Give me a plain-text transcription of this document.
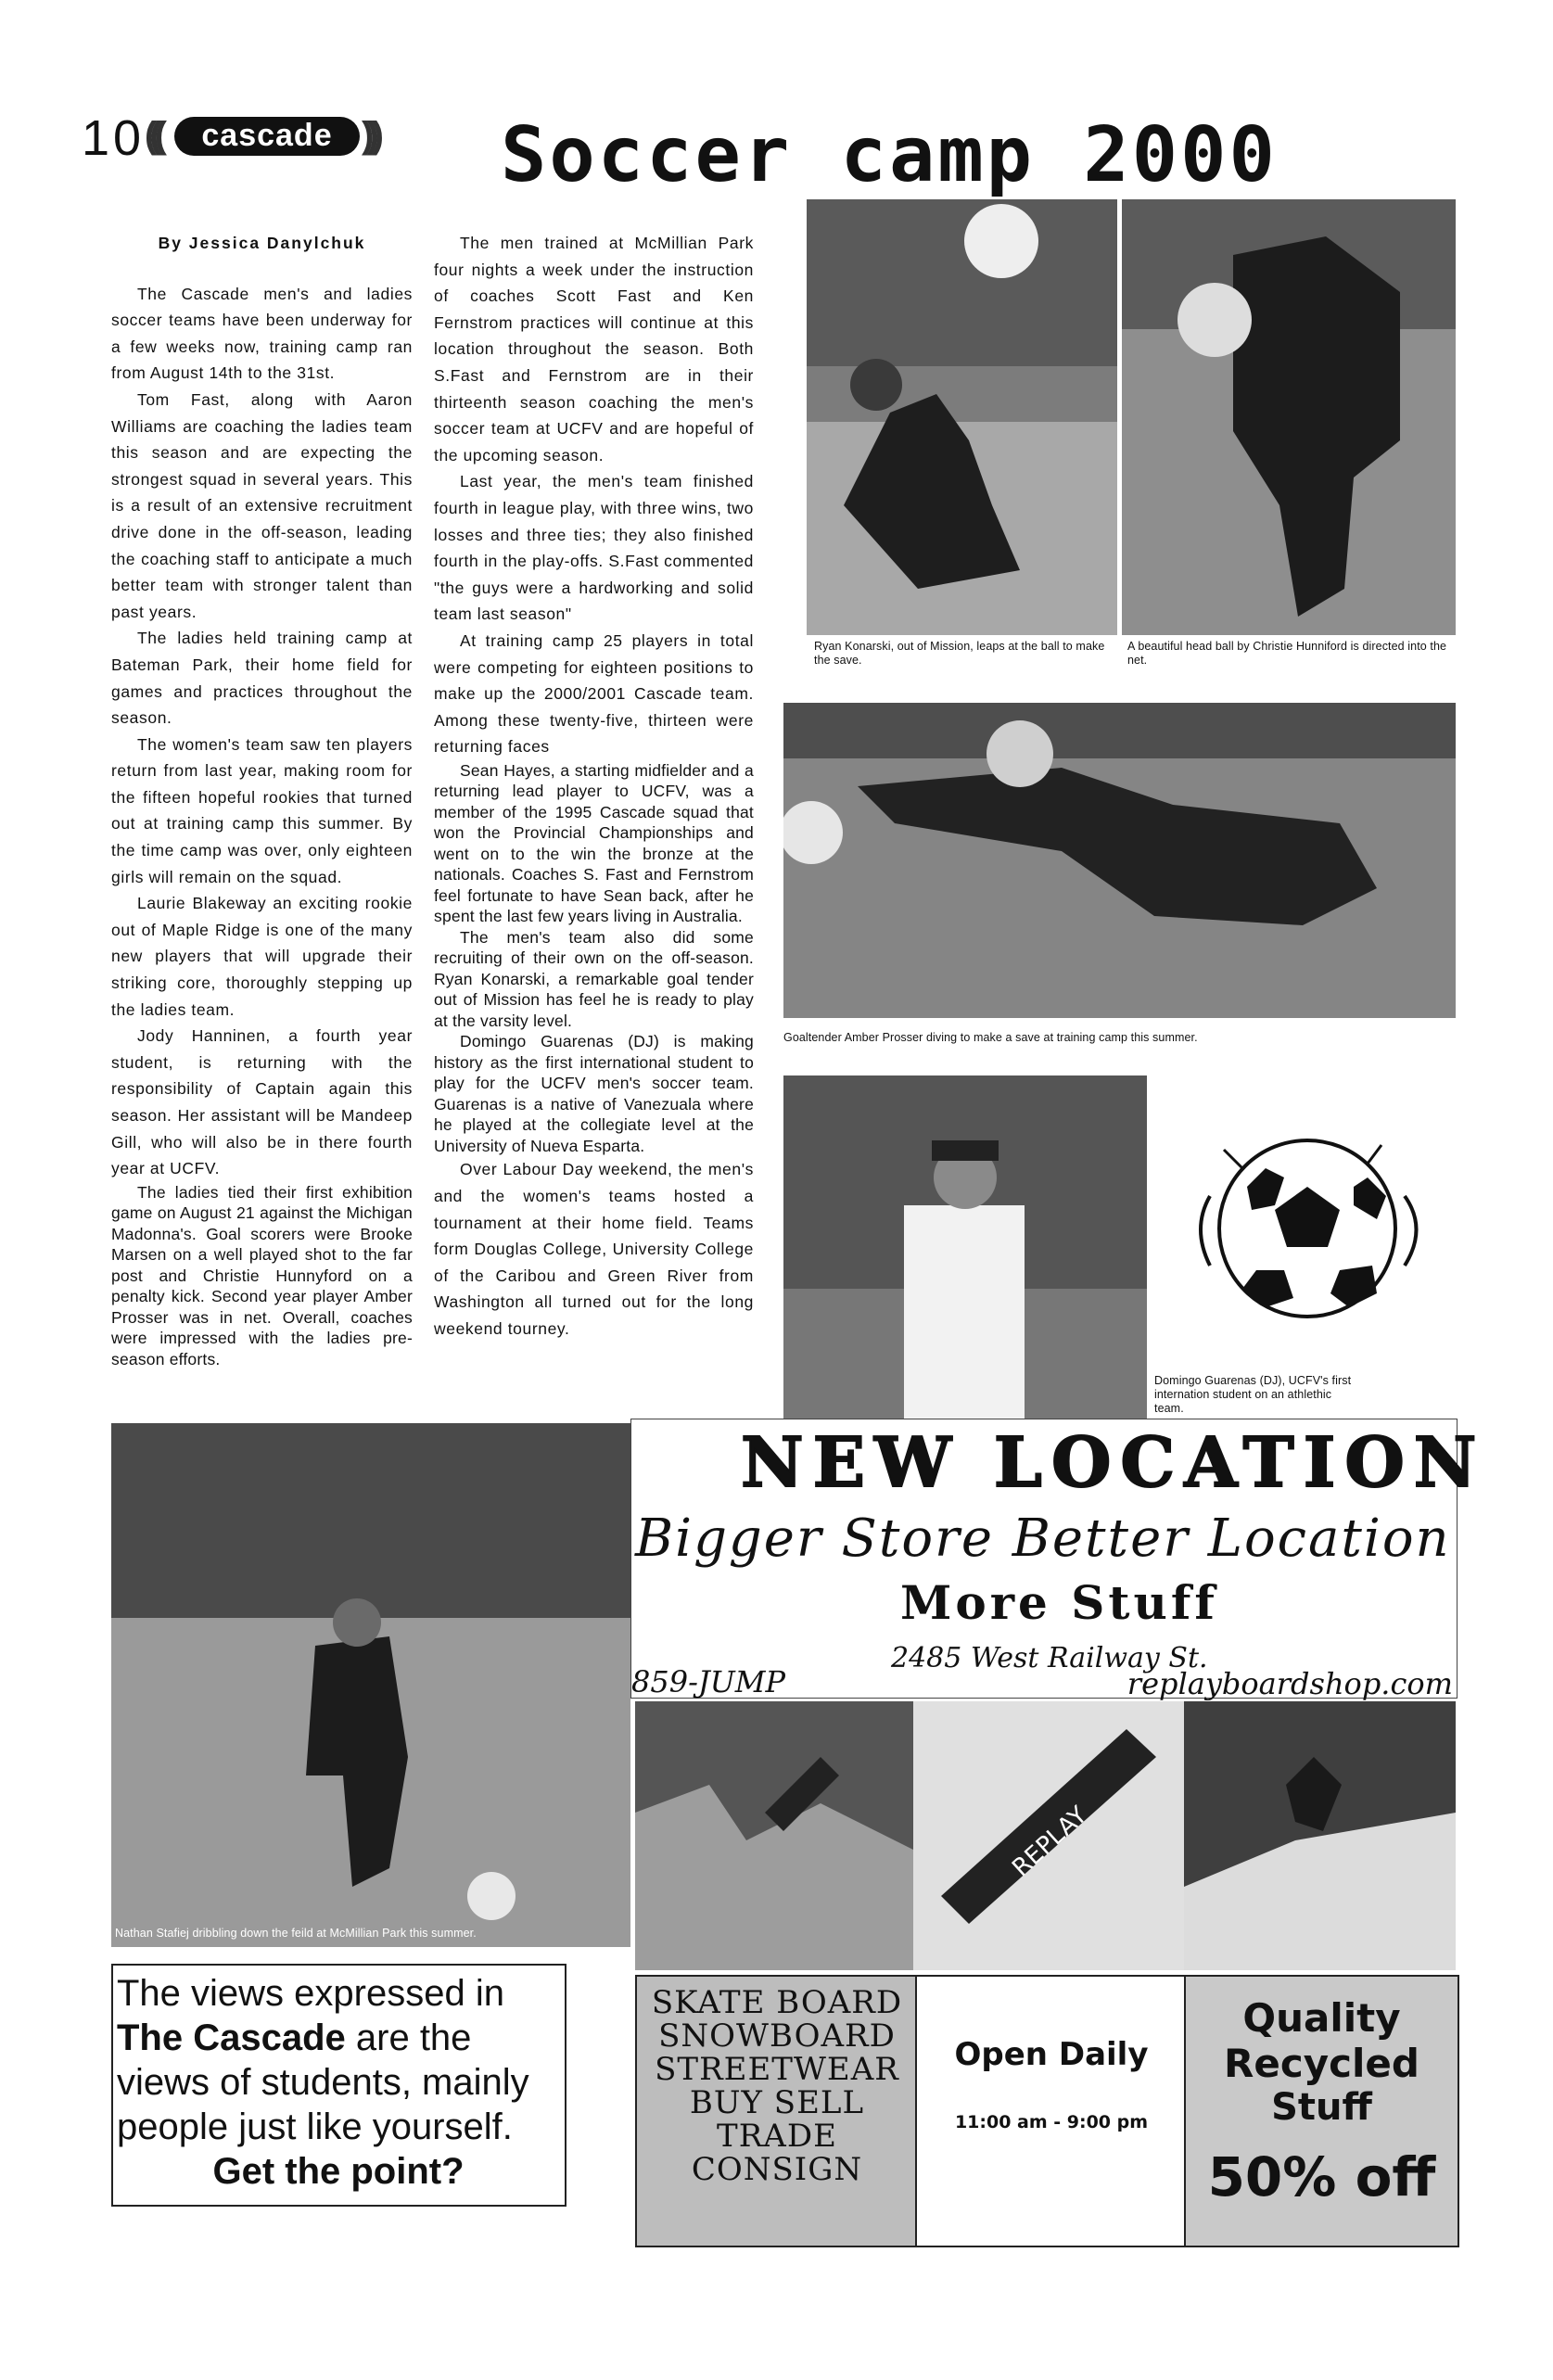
10 (((	cascade ))) Soccer camp 2000

By Jessica Danylchuk

The Cascade men's and ladies soccer teams have been underway for a few weeks now, training camp ran from August 14th to the 31st.

Tom Fast, along with Aaron Williams are coaching the ladies team this season and are expecting the strongest squad in several years. This is a result of an extensive recruitment drive done in the off-season, leading the coaching staff to anticipate a much better team with stronger talent than past years.

The ladies held training camp at Bateman Park, their home field for games and practices throughout the season.

The women's team saw ten players return from last year, making room for the fifteen hopeful rookies that turned out at training camp this summer. By the time camp was over, only eighteen girls will remain on the squad.

Laurie Blakeway an exciting rookie out of Maple Ridge is one of the many new players that will upgrade their striking core, thoroughly stepping up the ladies team.

Jody Hanninen, a fourth year student, is returning with the responsibility of Captain again this season. Her assistant will be Mandeep Gill, who will also be in there fourth year at UCFV.

The ladies tied their first exhibition game on August 21 against the Michigan Madonna's. Goal scorers were Brooke Marsen on a well played shot to the far post and Christie Hunnyford on a penalty kick. Second year player Amber Prosser was in net. Overall, coaches were impressed with the ladies pre-season efforts.

The men trained at McMillian Park four nights a week under the instruction of coaches Scott Fast and Ken Fernstrom practices will continue at this location throughout the season. Both S.Fast and Fernstrom are in their thirteenth season coaching the men's soccer team at UCFV and are hopeful of the upcoming season.

Last year, the men's team finished fourth in league play, with three wins, two losses and three ties; they also finished fourth in the play-offs. S.Fast commented "the guys were a hardworking and solid team last season"

At training camp 25 players in total were competing for eighteen positions to make up the 2000/2001 Cascade team. Among these twenty-five, thirteen were returning faces

Sean Hayes, a starting midfielder and a returning lead player to UCFV, was a member of the 1995 Cascade squad that won the Provincial Championships and went on to the win the bronze at the nationals. Coaches S. Fast and Fernstrom feel fortunate to have Sean back, after he spent the last few years living in Australia.

The men's team also did some recruiting of their own on the off-season. Ryan Konarski, a remarkable goal tender out of Mission has feel he is ready to play at the varsity level.

Domingo Guarenas (DJ) is making history as the first international student to play for the UCFV men's soccer team. Guarenas is a native of Vanezuala where he played at the collegiate level at the University of Nueva Esparta.

Over Labour Day weekend, the men's and the women's teams hosted a tournament at their home field. Teams form Douglas College, University College of the Caribou and Green River from Washington all turned out for the long weekend tourney.

Ryan Konarski, out of Mission, leaps at the ball to make the save.
A beautiful head ball by Christie Hunniford is directed into the net.
Goaltender Amber Prosser diving to make a save at training camp this summer.
Domingo Guarenas (DJ), UCFV's first internation student on an athlethic team.
Nathan Stafiej dribbling down the feild at McMillian Park this summer.
NEW LOCATION
Bigger Store Better Location
More Stuff
2485 West Railway St.
859-JUMP	replayboardshop.com
REPLAY
SKATE BOARD
SNOWBOARD
STREETWEAR
BUY SELL
TRADE
CONSIGN
Open Daily
11:00 am - 9:00 pm
Quality
Recycled
Stuff
50% off
The views expressed in
The Cascade are the
views of students, mainly
people just like yourself.
Get the point?
